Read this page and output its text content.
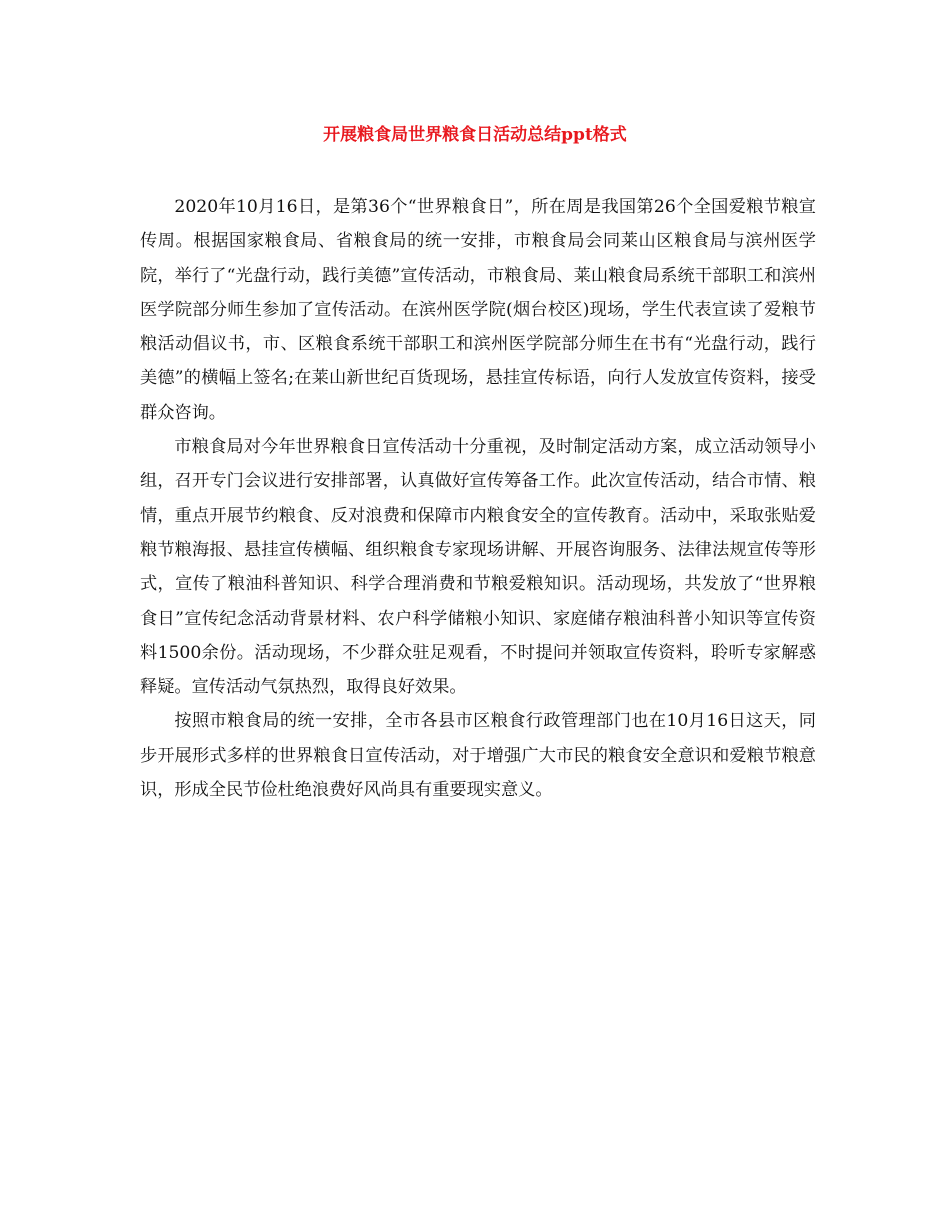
开展粮食局世界粮食日活动总结ppt格式

2020年10月16日，是第36个“世界粮食日”，所在周是我国第26个全国爱粮节粮宣传周。根据国家粮食局、省粮食局的统一安排，市粮食局会同莱山区粮食局与滨州医学院，举行了“光盘行动，践行美德”宣传活动，市粮食局、莱山粮食局系统干部职工和滨州医学院部分师生参加了宣传活动。在滨州医学院(烟台校区)现场，学生代表宣读了爱粮节粮活动倡议书，市、区粮食系统干部职工和滨州医学院部分师生在书有“光盘行动，践行美德”的横幅上签名;在莱山新世纪百货现场，悬挂宣传标语，向行人发放宣传资料，接受群众咨询。

市粮食局对今年世界粮食日宣传活动十分重视，及时制定活动方案，成立活动领导小组，召开专门会议进行安排部署，认真做好宣传筹备工作。此次宣传活动，结合市情、粮情，重点开展节约粮食、反对浪费和保障市内粮食安全的宣传教育。活动中，采取张贴爱粮节粮海报、悬挂宣传横幅、组织粮食专家现场讲解、开展咨询服务、法律法规宣传等形式，宣传了粮油科普知识、科学合理消费和节粮爱粮知识。活动现场，共发放了“世界粮食日”宣传纪念活动背景材料、农户科学储粮小知识、家庭储存粮油科普小知识等宣传资料1500余份。活动现场，不少群众驻足观看，不时提问并领取宣传资料，聆听专家解惑释疑。宣传活动气氛热烈，取得良好效果。

按照市粮食局的统一安排，全市各县市区粮食行政管理部门也在10月16日这天，同步开展形式多样的世界粮食日宣传活动，对于增强广大市民的粮食安全意识和爱粮节粮意识，形成全民节俭杜绝浪费好风尚具有重要现实意义。
